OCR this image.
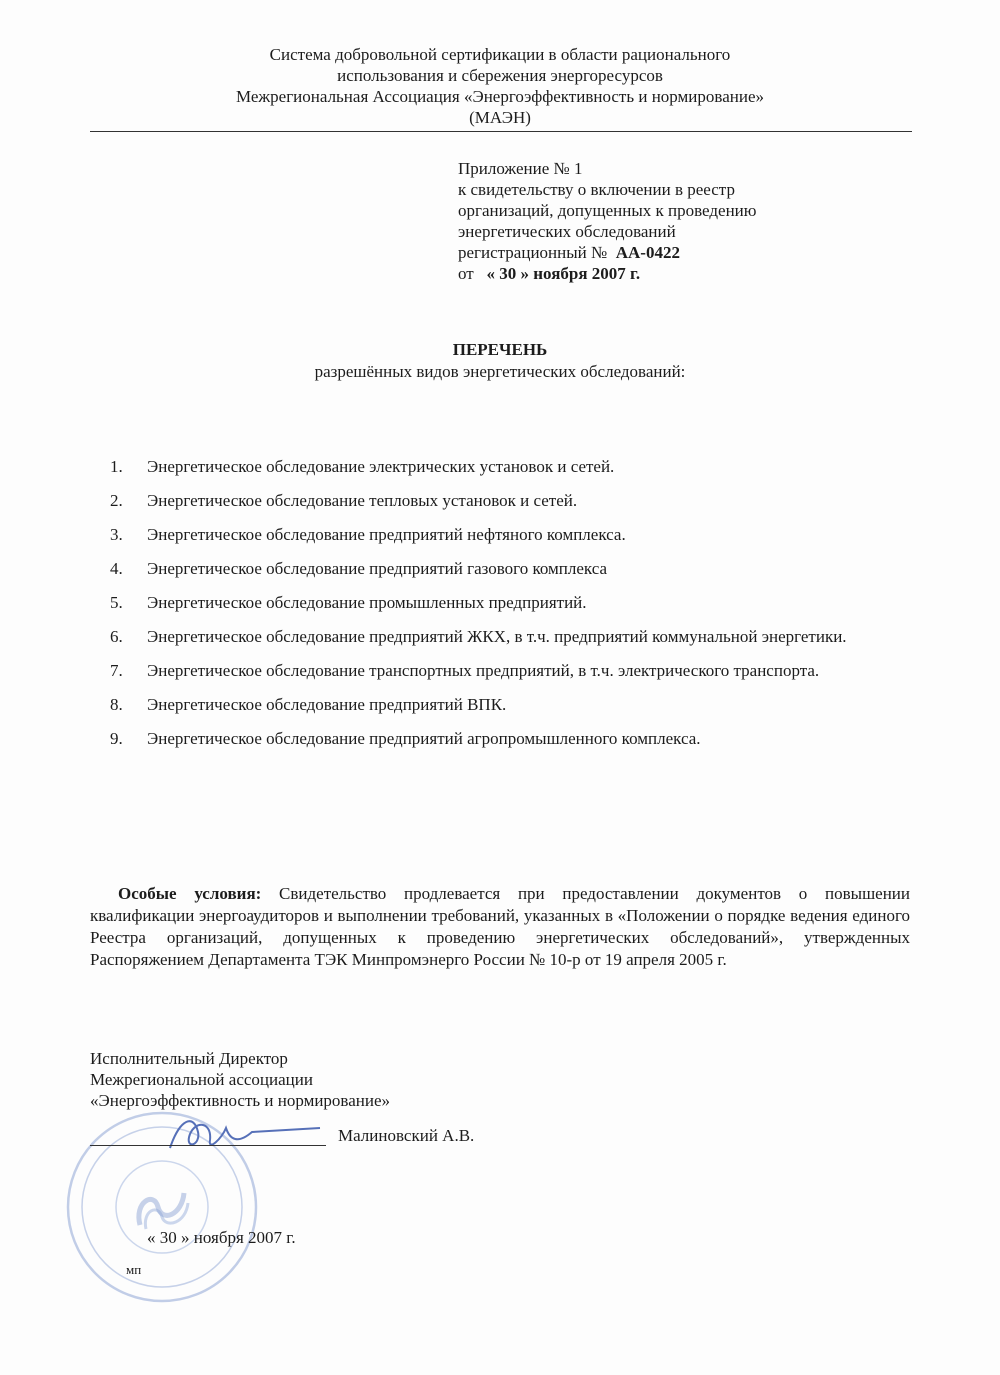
Система добровольной сертификации в области рационального
использования и сбережения энергоресурсов
Межрегиональная Ассоциация «Энергоэффективность и нормирование»
(МАЭН)
Приложение № 1
к свидетельству о включении в реестр
организаций, допущенных к проведению
энергетических обследований
регистрационный № АА-0422
от « 30 » ноября 2007 г.
ПЕРЕЧЕНЬ
разрешённых видов энергетических обследований:
1.	Энергетическое обследование электрических установок и сетей.
2.	Энергетическое обследование тепловых установок и сетей.
3.	Энергетическое обследование предприятий нефтяного комплекса.
4.	Энергетическое обследование предприятий газового комплекса
5.	Энергетическое обследование промышленных предприятий.
6.	Энергетическое обследование предприятий ЖКХ, в т.ч. предприятий коммунальной энергетики.
7.	Энергетическое обследование транспортных предприятий, в т.ч. электрического транспорта.
8.	Энергетическое обследование предприятий ВПК.
9.	Энергетическое обследование предприятий агропромышленного комплекса.
Особые условия: Свидетельство продлевается при предоставлении документов о повышении квалификации энергоаудиторов и выполнении требований, указанных в «Положении о порядке ведения единого Реестра организаций, допущенных к проведению энергетических обследований», утвержденных Распоряжением Департамента ТЭК Минпромэнерго России № 10-р от 19 апреля 2005 г.
Исполнительный Директор
Межрегиональной ассоциации
«Энергоэффективность и нормирование»
Малиновский А.В.
« 30 » ноября 2007 г.
мп
